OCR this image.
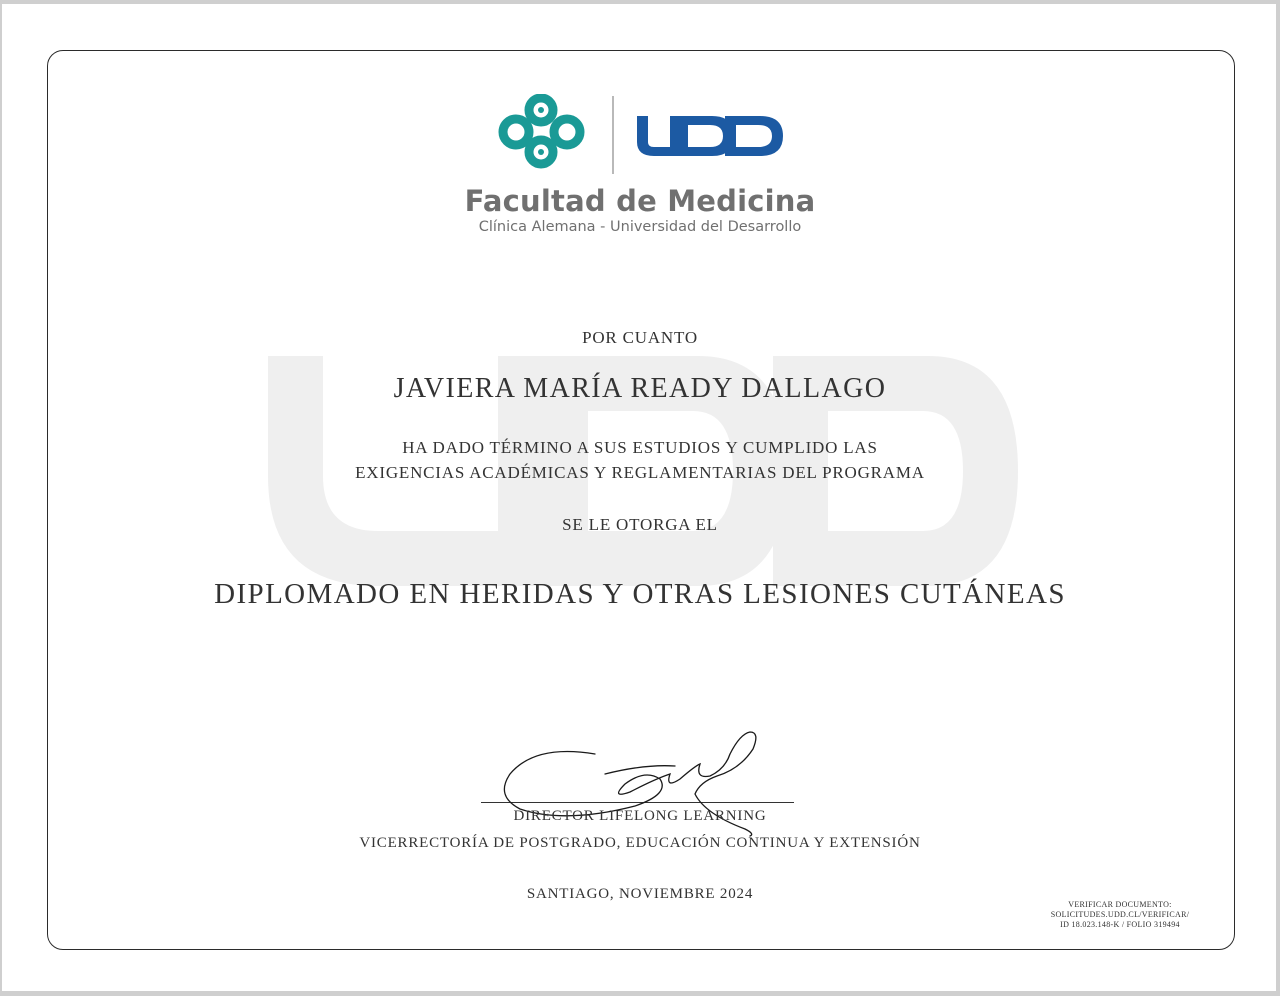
Facultad de Medicina
Clínica Alemana - Universidad del Desarrollo
POR CUANTO
JAVIERA MARÍA READY DALLAGO
HA DADO TÉRMINO A SUS ESTUDIOS Y CUMPLIDO LAS
EXIGENCIAS ACADÉMICAS Y REGLAMENTARIAS DEL PROGRAMA
SE LE OTORGA EL
DIPLOMADO EN HERIDAS Y OTRAS LESIONES CUTÁNEAS
DIRECTOR LIFELONG LEARNING
VICERRECTORÍA DE POSTGRADO, EDUCACIÓN CONTINUA Y EXTENSIÓN
SANTIAGO, NOVIEMBRE 2024
VERIFICAR DOCUMENTO:
SOLICITUDES.UDD.CL/VERIFICAR/
ID 18.023.148-K / FOLIO 319494
